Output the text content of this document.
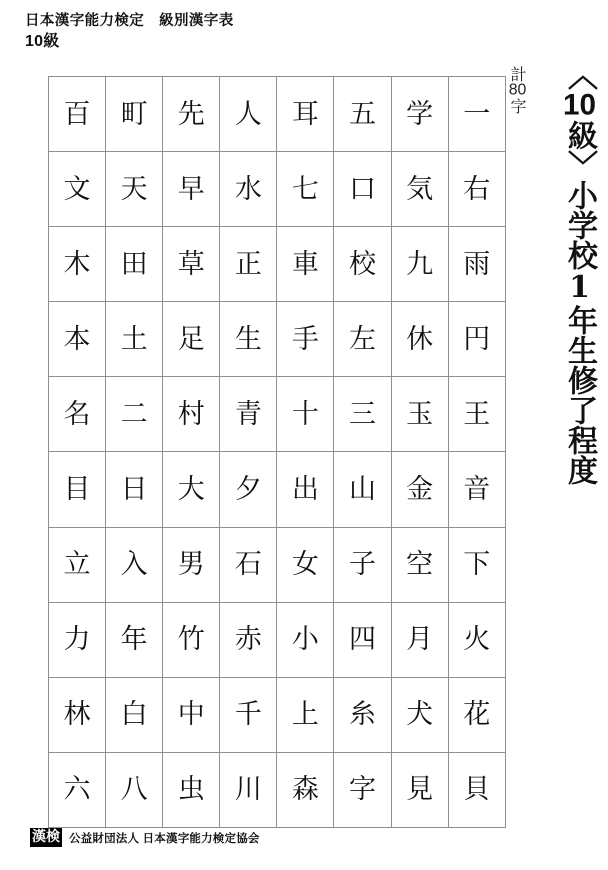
日本漢字能力検定　級別漢字表
10級
〈10級〉小学校1年生修了程度
計80字
百	町	先	人	耳	五	学	一
文	天	早	水	七	口	気	右
木	田	草	正	車	校	九	雨
本	土	足	生	手	左	休	円
名	二	村	青	十	三	玉	王
目	日	大	夕	出	山	金	音
立	入	男	石	女	子	空	下
力	年	竹	赤	小	四	月	火
林	白	中	千	上	糸	犬	花
六	八	虫	川	森	字	見	貝
漢検 公益財団法人 日本漢字能力検定協会
